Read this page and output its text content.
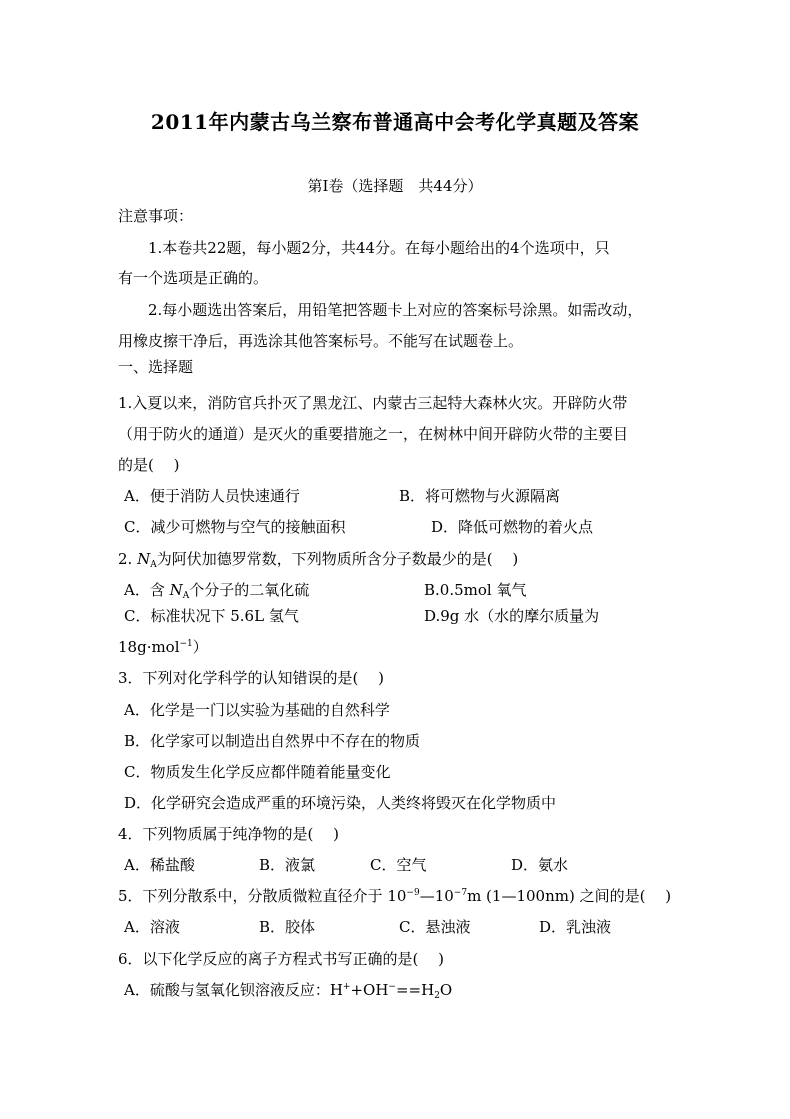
2011年内蒙古乌兰察布普通高中会考化学真题及答案
第Ⅰ卷（选择题　共44分）
注意事项：
1.本卷共22题，每小题2分，共44分。在每小题给出的4个选项中，只
有一个选项是正确的。
2.每小题选出答案后，用铅笔把答题卡上对应的答案标号涂黑。如需改动，
用橡皮擦干净后，再选涂其他答案标号。不能写在试题卷上。
一、选择题
1.入夏以来，消防官兵扑灭了黑龙江、内蒙古三起特大森林火灾。开辟防火带
（用于防火的通道）是灭火的重要措施之一，在树林中间开辟防火带的主要目
的是(　 )
A．便于消防人员快速通行	B．将可燃物与火源隔离
C．减少可燃物与空气的接触面积	D．降低可燃物的着火点
2. $N_A$为阿伏加德罗常数，下列物质所含分子数最少的是(　 )
A．含 $N_A$个分子的二氧化硫	B.0.5mol 氧气
C．标准状况下 5.6L 氢气	D.9g 水（水的摩尔质量为
18g·mol$^{-1}$）
3．下列对化学科学的认知错误的是(　 )
A．化学是一门以实验为基础的自然科学
B．化学家可以制造出自然界中不存在的物质
C．物质发生化学反应都伴随着能量变化
D．化学研究会造成严重的环境污染，人类终将毁灭在化学物质中
4．下列物质属于纯净物的是(　 )
A．稀盐酸	B．液氯	C．空气	D．氨水
5．下列分散系中，分散质微粒直径介于 $10^{-9}—10^{-7}m$ (1—100nm) 之间的是(　 )
A．溶液	B．胶体	C．悬浊液	D．乳浊液
6．以下化学反应的离子方程式书写正确的是(　 )
A．硫酸与氢氧化钡溶液反应：$H^++OH^-==H_2O$
